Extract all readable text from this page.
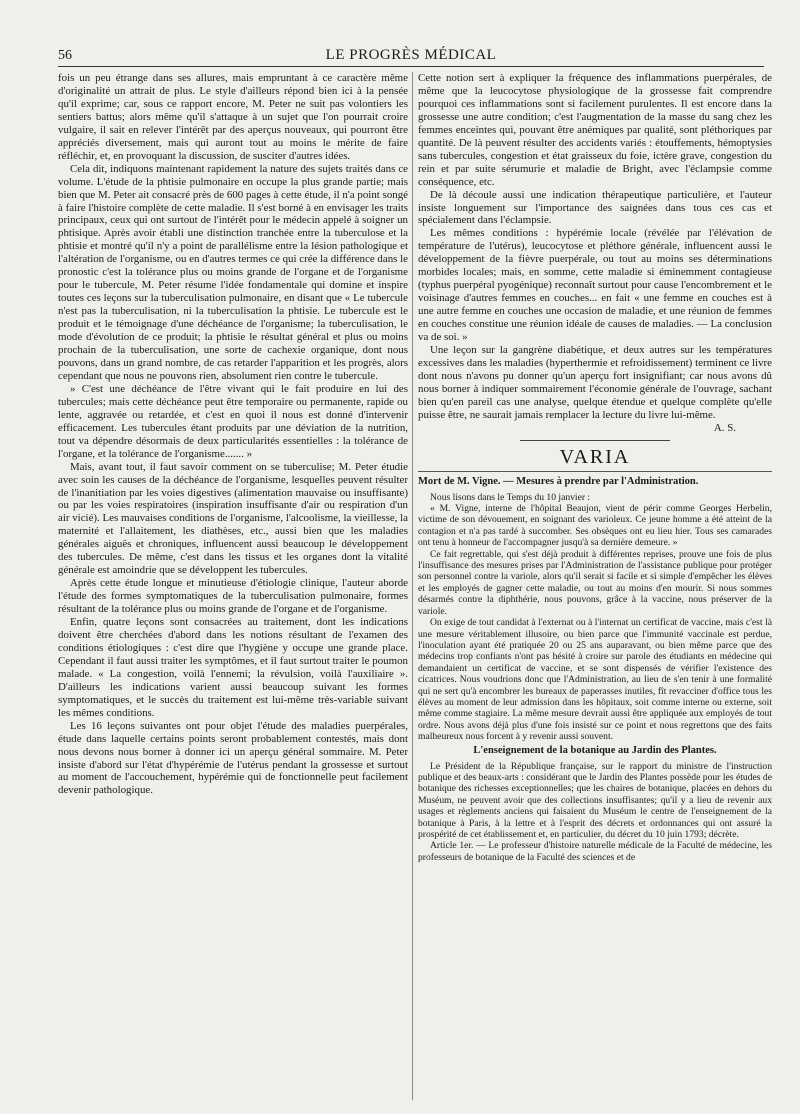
56	LE PROGRÈS MÉDICAL

fois un peu étrange dans ses allures, mais empruntant à ce caractère même d'originalité un attrait de plus. Le style d'ailleurs répond bien ici à la pensée qu'il exprime; car, sous ce rapport encore, M. Peter ne suit pas volontiers les sentiers battus; alors même qu'il s'attaque à un sujet que l'on pourrait croire vulgaire, il sait en relever l'intérêt par des aperçus nouveaux, qui pourront être appréciés diversement, mais qui auront tout au moins le mérite de faire réfléchir, et, en provoquant la discussion, de susciter d'autres idées.

Cela dit, indiquons maintenant rapidement la nature des sujets traités dans ce volume. L'étude de la phtisie pulmonaire en occupe la plus grande partie; mais bien que M. Peter ait consacré près de 600 pages à cette étude, il n'a point songé à faire l'histoire complète de cette maladie. Il s'est borné à en envisager les traits principaux, ceux qui ont surtout de l'intérêt pour le médecin appelé à soigner un phtisique. Après avoir établi une distinction tranchée entre la tuberculose et la phtisie et montré qu'il n'y a point de parallélisme entre la lésion pathologique et l'altération de l'organisme, ou en d'autres termes ce qui crée la différence dans le pronostic c'est la tolérance plus ou moins grande de l'organe et de l'organisme pour le tubercule, M. Peter résume l'idée fondamentale qui domine et inspire toutes ces leçons sur la tuberculisation pulmonaire, en disant que « Le tubercule n'est pas la tuberculisation, ni la tuberculisation la phtisie. Le tubercule est le produit et le témoignage d'une déchéance de l'organisme; la tuberculisation, le mode d'évolution de ce produit; la phtisie le résultat général et plus ou moins prochain de la tuberculisation, une sorte de cachexie organique, dont nous pouvons, dans un grand nombre, de cas retarder l'apparition et les progrès, alors cependant que nous ne pouvons rien, absolument rien contre le tubercule.

» C'est une déchéance de l'être vivant qui le fait produire en lui des tubercules; mais cette déchéance peut être temporaire ou permanente, rapide ou lente, aggravée ou retardée, et c'est en quoi il nous est donné d'intervenir efficacement. Les tubercules étant produits par une déviation de la nutrition, tout va dépendre désormais de deux particularités essentielles : la tolérance de l'organe, et la tolérance de l'organisme....... »

Mais, avant tout, il faut savoir comment on se tuberculise; M. Peter étudie avec soin les causes de la déchéance de l'organisme, lesquelles peuvent résulter de l'inanitiation par les voies digestives (alimentation mauvaise ou insuffisante) ou par les voies respiratoires (inspiration insuffisante d'air ou respiration d'un air vicié). Les mauvaises conditions de l'organisme, l'alcoolisme, la vieillesse, la maternité et l'allaitement, les diathèses, etc., aussi bien que les maladies générales aiguës et chroniques, influencent aussi beaucoup le développement des tubercules. De même, c'est dans les tissus et les organes dont la vitalité générale est amoindrie que se développent les tubercules.

Après cette étude longue et minutieuse d'étiologie clinique, l'auteur aborde l'étude des formes symptomatiques de la tuberculisation pulmonaire, formes résultant de la tolérance plus ou moins grande de l'organe et de l'organisme.

Enfin, quatre leçons sont consacrées au traitement, dont les indications doivent être cherchées d'abord dans les notions résultant de l'examen des conditions étiologiques : c'est dire que l'hygiène y occupe une grande place. Cependant il faut aussi traiter les symptômes, et il faut surtout traiter le poumon malade. « La congestion, voilà l'ennemi; la révulsion, voilà l'auxiliaire ». D'ailleurs les indications varient aussi beaucoup suivant les formes symptomatiques, et le succès du traitement est lui-même très-variable suivant les mêmes conditions.

Les 16 leçons suivantes ont pour objet l'étude des maladies puerpérales, étude dans laquelle certains points seront probablement contestés, mais dont nous devons nous borner à donner ici un aperçu général sommaire. M. Peter insiste d'abord sur l'état d'hypérémie de l'utérus pendant la grossesse et surtout au moment de l'accouchement, hypérémie qui de fonctionnelle peut facilement devenir pathologique.

Cette notion sert à expliquer la fréquence des inflammations puerpérales, de même que la leucocytose physiologique de la grossesse fait comprendre pourquoi ces inflammations sont si facilement purulentes. Il est encore dans la grossesse une autre condition; c'est l'augmentation de la masse du sang chez les femmes enceintes qui, pouvant être anémiques par qualité, sont pléthoriques par quantité. De là peuvent résulter des accidents variés : étouffements, hémoptysies sans tubercules, congestion et état graisseux du foie, ictère grave, congestion du rein et par suite sérumurie et maladie de Bright, avec l'éclampsie comme conséquence, etc.

De là découle aussi une indication thérapeutique particulière, et l'auteur insiste longuement sur l'importance des saignées dans tous ces cas et spécialement dans l'éclampsie.

Les mêmes conditions : hypérémie locale (révélée par l'élévation de température de l'utérus), leucocytose et pléthore générale, influencent aussi le développement de la fièvre puerpérale, ou tout au moins ses déterminations morbides locales; mais, en somme, cette maladie si éminemment contagieuse (typhus puerpéral pyogénique) reconnaît surtout pour cause l'encombrement et le voisinage d'autres femmes en couches... en fait « une femme en couches est à une autre femme en couches une occasion de maladie, et une réunion de femmes en couches constitue une réunion idéale de causes de maladies. — La conclusion va de soi. »

Une leçon sur la gangrène diabétique, et deux autres sur les températures excessives dans les maladies (hyperthermie et refroidissement) terminent ce livre dont nous n'avons pu donner qu'un aperçu fort insignifiant; car nous avons dû nous borner à indiquer sommairement l'économie générale de l'ouvrage, sachant bien qu'en pareil cas une analyse, quelque étendue et quelque complète qu'elle puisse être, ne saurait jamais remplacer la lecture du livre lui-même.

A. S.

VARIA
Mort de M. Vigne. — Mesures à prendre par l'Administration.

Nous lisons dans le Temps du 10 janvier :

« M. Vigne, interne de l'hôpital Beaujon, vient de périr comme Georges Herbelin, victime de son dévouement, en soignant des varioleux. Ce jeune homme a été atteint de la contagion et n'a pas tardé à succomber. Ses obsèques ont eu lieu hier. Tous ses camarades ont tenu à honneur de l'accompagner jusqu'à sa dernière demeure. »

Ce fait regrettable, qui s'est déjà produit à différentes reprises, prouve une fois de plus l'insuffisance des mesures prises par l'Administration de l'assistance publique pour protéger son personnel contre la variole, alors qu'il serait si facile et si simple d'empêcher les élèves et les employés de gagner cette maladie, ou tout au moins d'en mourir. Si nous sommes désarmés contre la diphthérie, nous pouvons, grâce à la vaccine, nous préserver de la variole.

On exige de tout candidat à l'externat ou à l'internat un certificat de vaccine, mais c'est là une mesure véritablement illusoire, ou bien parce que l'immunité vaccinale est perdue, l'inoculation ayant été pratiquée 20 ou 25 ans auparavant, ou bien même parce que des médecins trop confiants n'ont pas hésité à croire sur parole des étudiants en médecine qui demandaient un certificat de vaccine, et se sont dispensés de vérifier l'existence des cicatrices. Nous voudrions donc que l'Administration, au lieu de s'en tenir à une formalité qui ne sert qu'à encombrer les bureaux de paperasses inutiles, fît revacciner d'office tous les élèves au moment de leur admission dans les hôpitaux, soit comme interne ou externe, soit même comme stagiaire. La même mesure devrait aussi être appliquée aux employés de tout ordre. Nous avons déjà plus d'une fois insisté sur ce point et nous regrettons que des faits malheureux nous forcent à y revenir aussi souvent.

L'enseignement de la botanique au Jardin des Plantes.

Le Président de la République française, sur le rapport du ministre de l'instruction publique et des beaux-arts : considérant que le Jardin des Plantes possède pour les études de botanique des richesses exceptionnelles; que les chaires de botanique, placées en dehors du Muséum, ne peuvent avoir que des collections insuffisantes; qu'il y a lieu de revenir aux usages et règlements anciens qui faisaient du Muséum le centre de l'enseignement de la botanique à Paris, à la lettre et à l'esprit des décrets et ordonnances qui ont assuré la prospérité de cet établissement et, en particulier, du décret du 10 juin 1793; décrète.

Article 1er. — Le professeur d'histoire naturelle médicale de la Faculté de médecine, les professeurs de botanique de la Faculté des sciences et de
